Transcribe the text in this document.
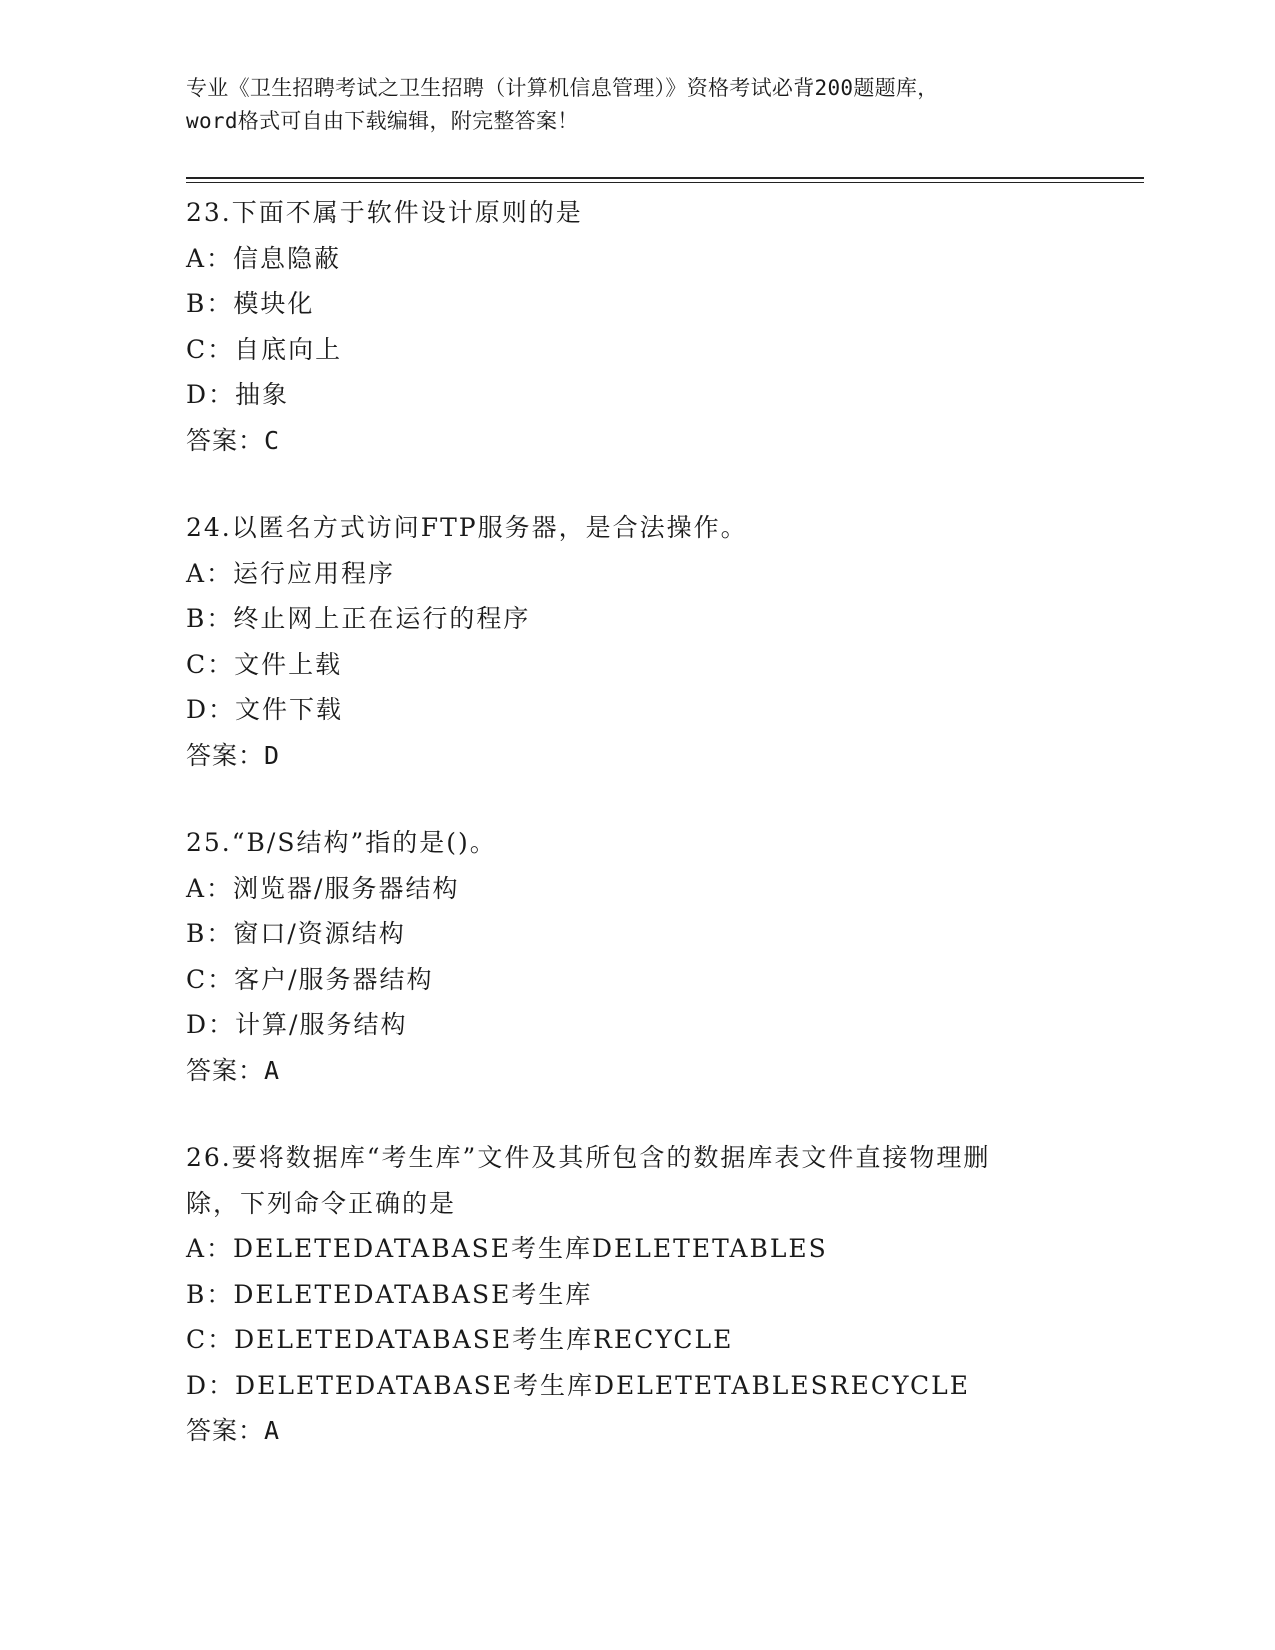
专业《卫生招聘考试之卫生招聘（计算机信息管理）》资格考试必背200题题库，
word格式可自由下载编辑，附完整答案！
23.下面不属于软件设计原则的是
A：信息隐蔽
B：模块化
C：自底向上
D：抽象
答案：C
24.以匿名方式访问FTP服务器，是合法操作。
A：运行应用程序
B：终止网上正在运行的程序
C：文件上载
D：文件下载
答案：D
25.“B/S结构”指的是()。
A：浏览器/服务器结构
B：窗口/资源结构
C：客户/服务器结构
D：计算/服务结构
答案：A
26.要将数据库“考生库”文件及其所包含的数据库表文件直接物理删
除，下列命令正确的是
A：DELETEDATABASE考生库DELETETABLES
B：DELETEDATABASE考生库
C：DELETEDATABASE考生库RECYCLE
D：DELETEDATABASE考生库DELETETABLESRECYCLE
答案：A
